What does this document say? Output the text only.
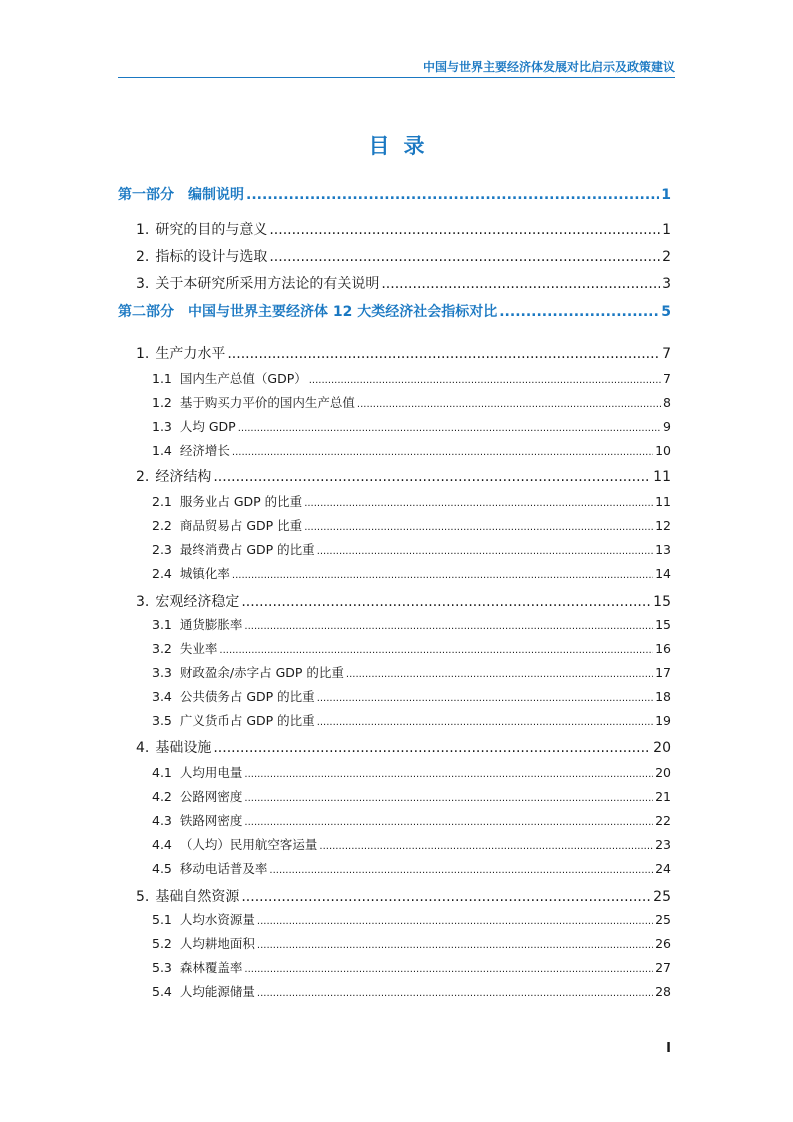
中国与世界主要经济体发展对比启示及政策建议
目录
第一部分 编制说明 .....	1
1. 研究的目的与意义 .....	1
2. 指标的设计与选取 .....	2
3. 关于本研究所采用方法论的有关说明 .....	3
第二部分 中国与世界主要经济体 12 大类经济社会指标对比 .....	5
1. 生产力水平 .....	7
1.1 国内生产总值（GDP） .....	7
1.2 基于购买力平价的国内生产总值 .....	8
1.3 人均 GDP .....	9
1.4 经济增长 .....	10
2. 经济结构 .....	11
2.1 服务业占 GDP 的比重 .....	11
2.2 商品贸易占 GDP 比重 .....	12
2.3 最终消费占 GDP 的比重 .....	13
2.4 城镇化率 .....	14
3. 宏观经济稳定 .....	15
3.1 通货膨胀率 .....	15
3.2 失业率 .....	16
3.3 财政盈余/赤字占 GDP 的比重 .....	17
3.4 公共债务占 GDP 的比重 .....	18
3.5 广义货币占 GDP 的比重 .....	19
4. 基础设施 .....	20
4.1 人均用电量 .....	20
4.2 公路网密度 .....	21
4.3 铁路网密度 .....	22
4.4 （人均）民用航空客运量 .....	23
4.5 移动电话普及率 .....	24
5. 基础自然资源 .....	25
5.1 人均水资源量 .....	25
5.2 人均耕地面积 .....	26
5.3 森林覆盖率 .....	27
5.4 人均能源储量 .....	28
I
